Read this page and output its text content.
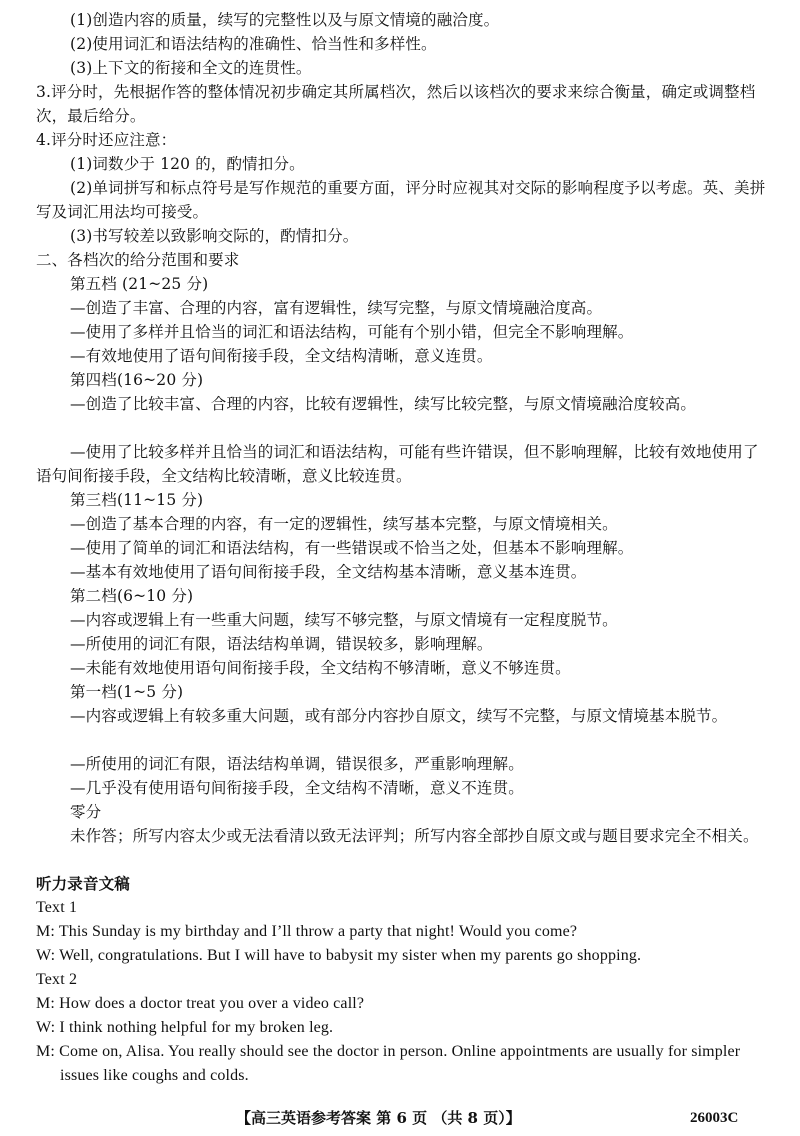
(1)创造内容的质量，续写的完整性以及与原文情境的融洽度。
(2)使用词汇和语法结构的准确性、恰当性和多样性。
(3)上下文的衔接和全文的连贯性。
3.评分时，先根据作答的整体情况初步确定其所属档次，然后以该档次的要求来综合衡量，确定或调整档次，最后给分。
4.评分时还应注意：
(1)词数少于 120 的，酌情扣分。
(2)单词拼写和标点符号是写作规范的重要方面，评分时应视其对交际的影响程度予以考虑。英、美拼写及词汇用法均可接受。
(3)书写较差以致影响交际的，酌情扣分。
二、各档次的给分范围和要求
第五档 (21~25 分)
—创造了丰富、合理的内容，富有逻辑性，续写完整，与原文情境融洽度高。
—使用了多样并且恰当的词汇和语法结构，可能有个别小错，但完全不影响理解。
—有效地使用了语句间衔接手段，全文结构清晰，意义连贯。
第四档(16~20 分)
—创造了比较丰富、合理的内容，比较有逻辑性，续写比较完整，与原文情境融洽度较高。
—使用了比较多样并且恰当的词汇和语法结构，可能有些许错误，但不影响理解，比较有效地使用了语句间衔接手段，全文结构比较清晰，意义比较连贯。
第三档(11~15 分)
—创造了基本合理的内容，有一定的逻辑性，续写基本完整，与原文情境相关。
—使用了简单的词汇和语法结构，有一些错误或不恰当之处，但基本不影响理解。
—基本有效地使用了语句间衔接手段，全文结构基本清晰，意义基本连贯。
第二档(6~10 分)
—内容或逻辑上有一些重大问题，续写不够完整，与原文情境有一定程度脱节。
—所使用的词汇有限，语法结构单调，错误较多，影响理解。
—未能有效地使用语句间衔接手段，全文结构不够清晰，意义不够连贯。
第一档(1~5 分)
—内容或逻辑上有较多重大问题，或有部分内容抄自原文，续写不完整，与原文情境基本脱节。
—所使用的词汇有限，语法结构单调，错误很多，严重影响理解。
—几乎没有使用语句间衔接手段，全文结构不清晰，意义不连贯。
零分
未作答；所写内容太少或无法看清以致无法评判；所写内容全部抄自原文或与题目要求完全不相关。
听力录音文稿
Text 1
M: This Sunday is my birthday and I’ll throw a party that night! Would you come?
W: Well, congratulations. But I will have to babysit my sister when my parents go shopping.
Text 2
M: How does a doctor treat you over a video call?
W: I think nothing helpful for my broken leg.
M: Come on, Alisa. You really should see the doctor in person. Online appointments are usually for simpler issues like coughs and colds.
【高三英语参考答案 第 6 页 （共 8 页）】	26003C
